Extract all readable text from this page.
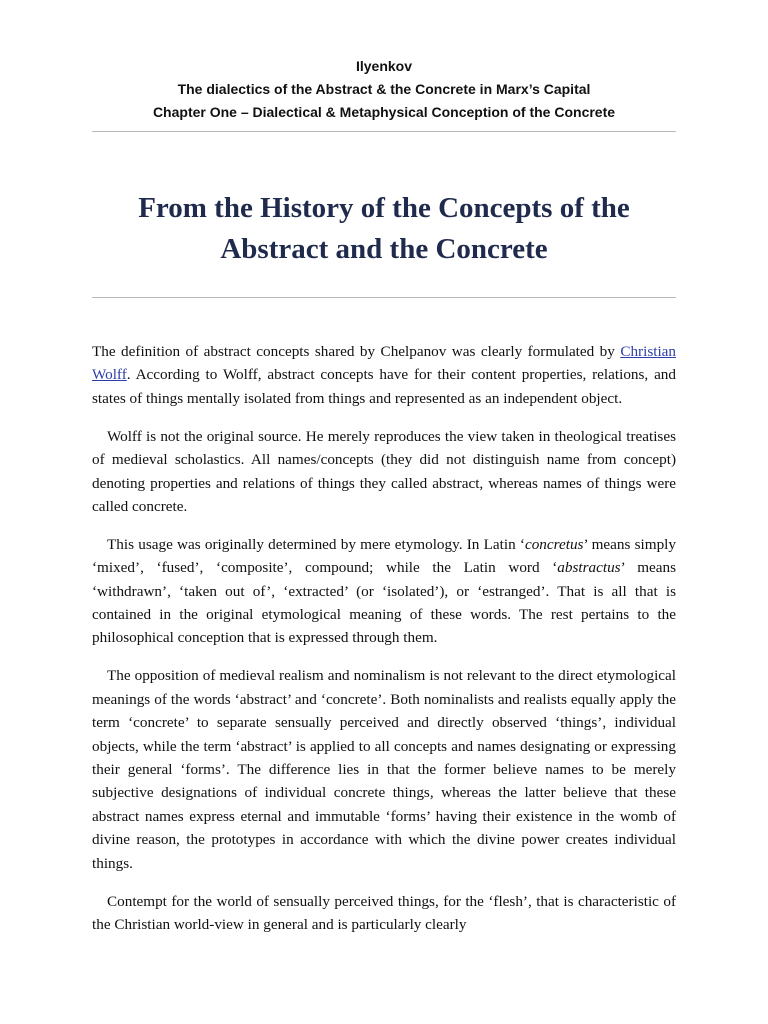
Ilyenkov
The dialectics of the Abstract & the Concrete in Marx’s Capital
Chapter One – Dialectical & Metaphysical Conception of the Concrete
From the History of the Concepts of the
Abstract and the Concrete

The definition of abstract concepts shared by Chelpanov was clearly formulated by Christian Wolff. According to Wolff, abstract concepts have for their content properties, relations, and states of things mentally isolated from things and represented as an independent object.

Wolff is not the original source. He merely reproduces the view taken in theological treatises of medieval scholastics. All names/concepts (they did not distinguish name from concept) denoting properties and relations of things they called abstract, whereas names of things were called concrete.

This usage was originally determined by mere etymology. In Latin ‘concretus’ means simply ‘mixed’, ‘fused’, ‘composite’, compound; while the Latin word ‘abstractus’ means ‘withdrawn’, ‘taken out of’, ‘extracted’ (or ‘isolated’), or ‘estranged’. That is all that is contained in the original etymological meaning of these words. The rest pertains to the philosophical conception that is expressed through them.

The opposition of medieval realism and nominalism is not relevant to the direct etymological meanings of the words ‘abstract’ and ‘concrete’. Both nominalists and realists equally apply the term ‘concrete’ to separate sensually perceived and directly observed ‘things’, individual objects, while the term ‘abstract’ is applied to all concepts and names designating or expressing their general ‘forms’. The difference lies in that the former believe names to be merely subjective designations of individual concrete things, whereas the latter believe that these abstract names express eternal and immutable ‘forms’ having their existence in the womb of divine reason, the prototypes in accordance with which the divine power creates individual things.

Contempt for the world of sensually perceived things, for the ‘flesh’, that is characteristic of the Christian world-view in general and is particularly clearly
